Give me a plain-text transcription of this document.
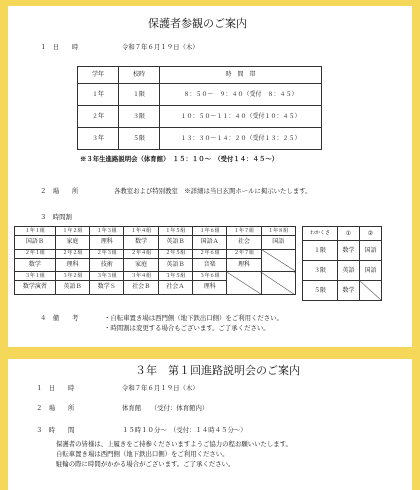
保護者参観のご案内
１　日　　時	令和７年６月１９日（木）
学年	校時	時　間　帯
１年	１限	８：５０～　９：４０（受付　８：４５）
２年	３限	１０：５０～１１：４０（受付１０：４５）
３年	５限	１３：３０～１４：２０（受付１３：２５）
※３年生進路説明会（体育館）　１５：１０～　（受付１４：４５～）
２　場　　所	各教室および特別教室　※詳細は当日玄関ホールに掲示いたします。
３　時間割
１年１組	１年２組	１年３組	１年４組	１年５組	１年６組	１年７組	１年８組
国語Ｂ	家庭	理科	数学	英語Ｂ	国語Ａ	社会	国語
２年１組	２年２組	２年３組	２年４組	２年５組	２年６組	２年７組	
数学	理科	技術	家庭	英語Ｂ	音楽	理科	
３年１組	３年２組	３年３組	３年４組	３年５組	３年６組		
数学演習	英語Ｂ	数学Ｓ	社会Ｂ	社会Ａ	理科		
わかくさ	①	②
１限	数学	国語
３限	英語	国語
５限	数学	
４　備　　考	・自転車置き場は西門側（地下鉄出口側）をご利用ください。
・時間割は変更する場合もございます。ご了承ください。
３年　第１回進路説明会のご案内
１　日　　時	令和７年６月１９日（木）
２　場　　所	体育館　　（受付：体育館内）
３　時　　間	１５時１０分～　（受付：１４時４５分～）
保護者の皆様は、上履きをご持参くださいますようご協力の程お願いいたします。
自転車置き場は西門側（地下鉄出口側）をご利用ください。
駐輪の際に時間がかかる場合がございます。ご了承ください。
